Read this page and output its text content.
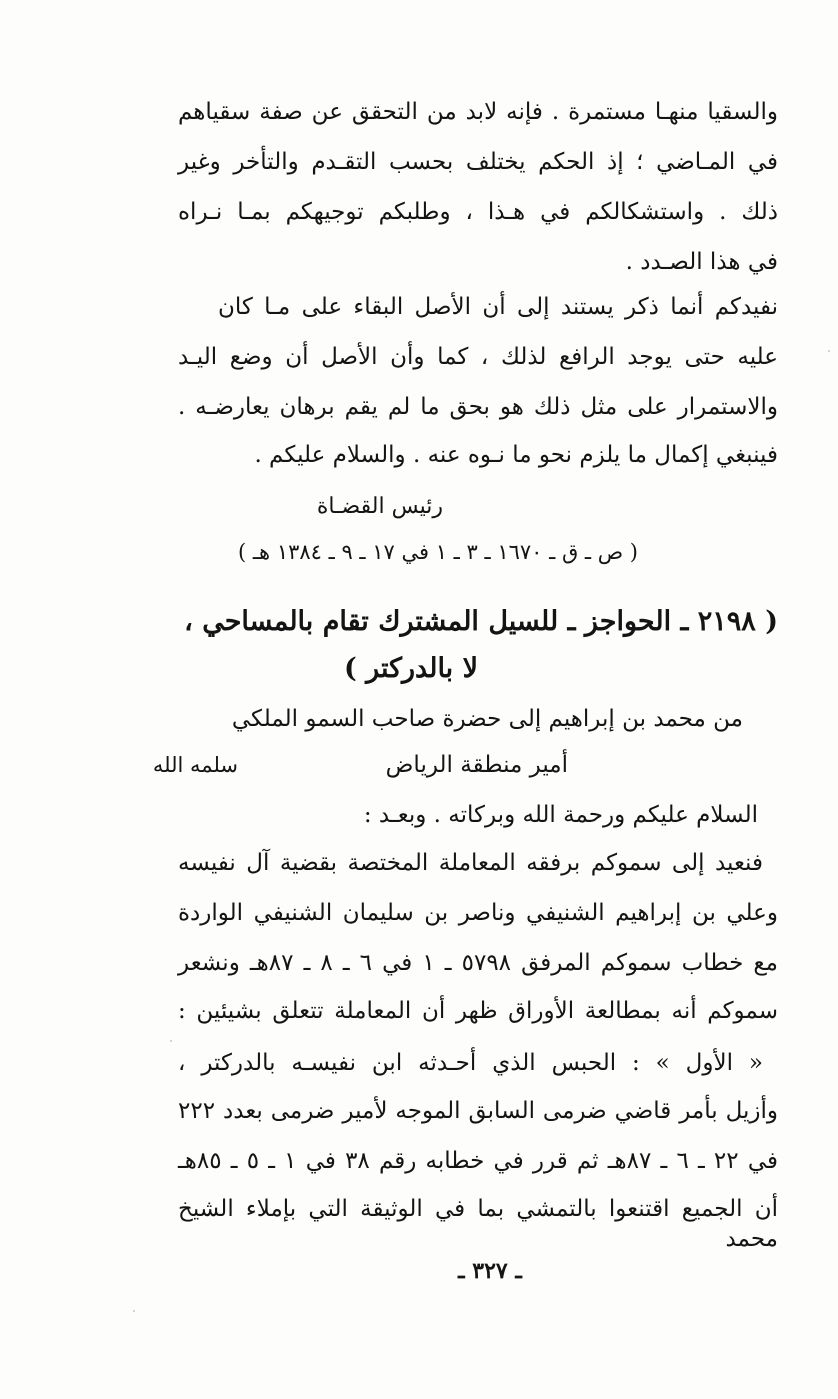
والسقيا منهـا مستمرة . فإنه لابد من التحقق عن صفة سقياهم
في المـاضي ؛ إذ الحكم يختلف بحسب التقـدم والتأخر وغير
ذلك . واستشكالكم في هـذا ، وطلبكم توجيهكم بمـا نـراه
في هذا الصـدد .
نفيدكم أنما ذكر يستند إلى أن الأصل البقاء على مـا كان
عليه حتى يوجد الرافع لذلك ، كما وأن الأصل أن وضع اليـد
والاستمرار على مثل ذلك هو بحق ما لم يقم برهان يعارضـه .
فينبغي إكمال ما يلزم نحو ما نـوه عنه . والسلام عليكم .
رئيس القضـاة
( ص ـ ق ـ ١٦٧٠ ـ ٣ ـ ١ في ١٧ ـ ٩ ـ ١٣٨٤ هـ )
( ٢١٩٨ ـ الحواجز ـ للسيل المشترك تقام بالمساحي ،
لا بالدركتر )
من محمد بن إبراهيم إلى حضرة صاحب السمو الملكي
أمير منطقة الرياض
سلمه الله
السلام عليكم ورحمة الله وبركاته . وبعـد :
فنعيد إلى سموكم برفقه المعاملة المختصة بقضية آل نفيسه
وعلي بن إبراهيم الشنيفي وناصر بن سليمان الشنيفي الواردة
مع خطاب سموكم المرفق ٥٧٩٨ ـ ١ في ٦ ـ ٨ ـ ٨٧هـ ونشعر
سموكم أنه بمطالعة الأوراق ظهر أن المعاملة تتعلق بشيئين :
« الأول » : الحبس الذي أحـدثه ابن نفيسـه بالدركتر ،
وأزيل بأمر قاضي ضرمى السابق الموجه لأمير ضرمى بعدد ٢٢٢
في ٢٢ ـ ٦ ـ ٨٧هـ ثم قرر في خطابه رقم ٣٨ في ١ ـ ٥ ـ ٨٥هـ
أن الجميع اقتنعوا بالتمشي بما في الوثيقة التي بإملاء الشيخ محمد
ـ ٣٢٧ ـ
